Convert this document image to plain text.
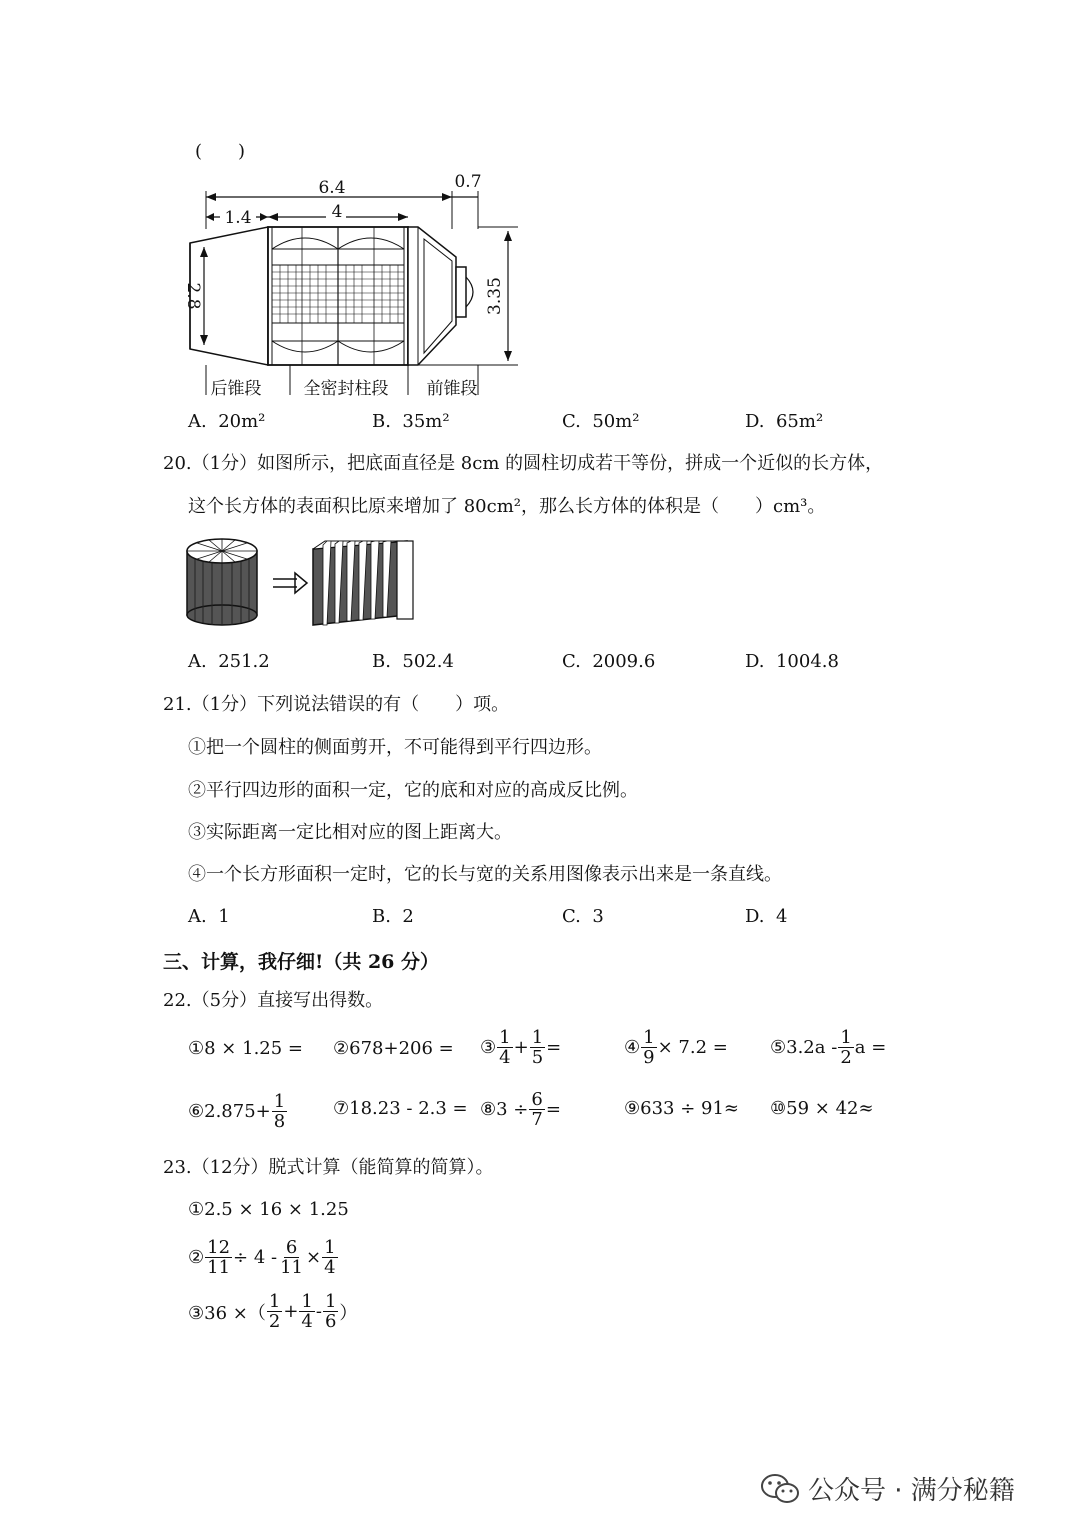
(　　)
6.4
1.4	4
0.7
2.8	3.35
后锥段 全密封柱段 前锥段
A. 20m²	B. 35m²	C. 50m²	D. 65m²
20.（1分）如图所示，把底面直径是 8cm 的圆柱切成若干等份，拼成一个近似的长方体，
这个长方体的表面积比原来增加了 80cm²，那么长方体的体积是（　　）cm³。
A. 251.2	B. 502.4	C. 2009.6	D. 1004.8
21.（1分）下列说法错误的有（　　）项。
①把一个圆柱的侧面剪开，不可能得到平行四边形。
②平行四边形的面积一定，它的底和对应的高成反比例。
③实际距离一定比相对应的图上距离大。
④一个长方形面积一定时，它的长与宽的关系用图像表示出来是一条直线。
A. 1	B. 2	C. 3	D. 4
三、计算，我仔细!（共 26 分）
22.（5分）直接写出得数。
①8 × 1.25 = ②678+206 = ③ $\frac{1}{4} + \frac{1}{5}$ =	④ $\frac{1}{9} \times 7.2$ = ⑤3.2a - $\frac{1}{2}$ a =
⑥2.875+ $\frac{1}{8}$	⑦18.23 - 2.3 = ⑧3 ÷ $\frac{6}{7}$ =	⑨633 ÷ 91≈ ⑩59 × 42≈
23.（12分）脱式计算（能简算的简算）。
①2.5 × 16 × 1.25
② $\frac{12}{11} \div 4 - \frac{6}{11} \times \frac{1}{4}$
③36 ×（ $\frac{1}{2} + \frac{1}{4} - \frac{1}{6}$ ）
公众号 · 满分秘籍
